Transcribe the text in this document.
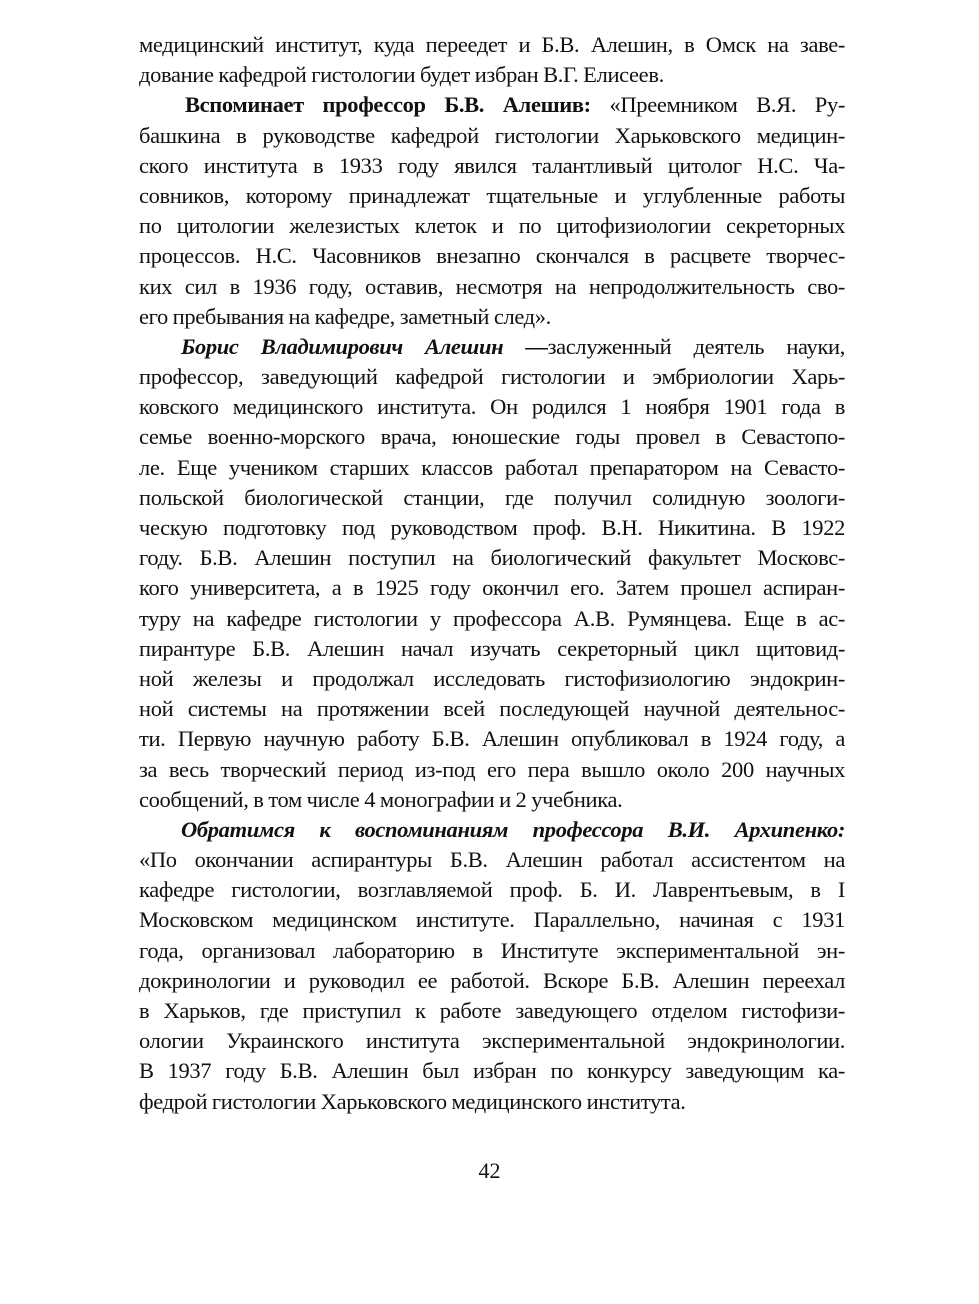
медицинский институт, куда переедет и Б.В. Алешин, в Омск на заве-
дование кафедрой гистологии будет избран В.Г. Елисеев.
Вспоминает профессор Б.В. Алешив: «Преемником В.Я. Ру-
башкина в руководстве кафедрой гистологии Харьковского медицин-
ского института в 1933 году явился талантливый цитолог Н.С. Ча-
совников, которому принадлежат тщательные и углубленные работы
по цитологии железистых клеток и по цитофизиологии секреторных
процессов. Н.С. Часовников внезапно скончался в расцвете творчес-
ких сил в 1936 году, оставив, несмотря на непродолжительность сво-
его пребывания на кафедре, заметный след».
Борис Владимирович Алешин —заслуженный деятель науки,
профессор, заведующий кафедрой гистологии и эмбриологии Харь-
ковского медицинского института. Он родился 1 ноября 1901 года в
семье военно-морского врача, юношеские годы провел в Севастопо-
ле. Еще учеником старших классов работал препаратором на Севасто-
польской биологической станции, где получил солидную зоологи-
ческую подготовку под руководством проф. В.Н. Никитина. В 1922
году. Б.В. Алешин поступил на биологический факультет Московс-
кого университета, а в 1925 году окончил его. Затем прошел аспиран-
туру на кафедре гистологии у профессора А.В. Румянцева. Еще в ас-
пирантуре Б.В. Алешин начал изучать секреторный цикл щитовид-
ной железы и продолжал исследовать гистофизиологию эндокрин-
ной системы на протяжении всей последующей научной деятельнос-
ти. Первую научную работу Б.В. Алешин опубликовал в 1924 году, а
за весь творческий период из-под его пера вышло около 200 научных
сообщений, в том числе 4 монографии и 2 учебника.
Обратимся к воспоминаниям профессора В.И. Архипенко:
«По окончании аспирантуры Б.В. Алешин работал ассистентом на
кафедре гистологии, возглавляемой проф. Б. И. Лаврентьевым, в I
Московском медицинском институте. Параллельно, начиная с 1931
года, организовал лабораторию в Институте экспериментальной эн-
докринологии и руководил ее работой. Вскоре Б.В. Алешин переехал
в Харьков, где приступил к работе заведующего отделом гистофизи-
ологии Украинского института экспериментальной эндокринологии.
В 1937 году Б.В. Алешин был избран по конкурсу заведующим ка-
федрой гистологии Харьковского медицинского института.
42
